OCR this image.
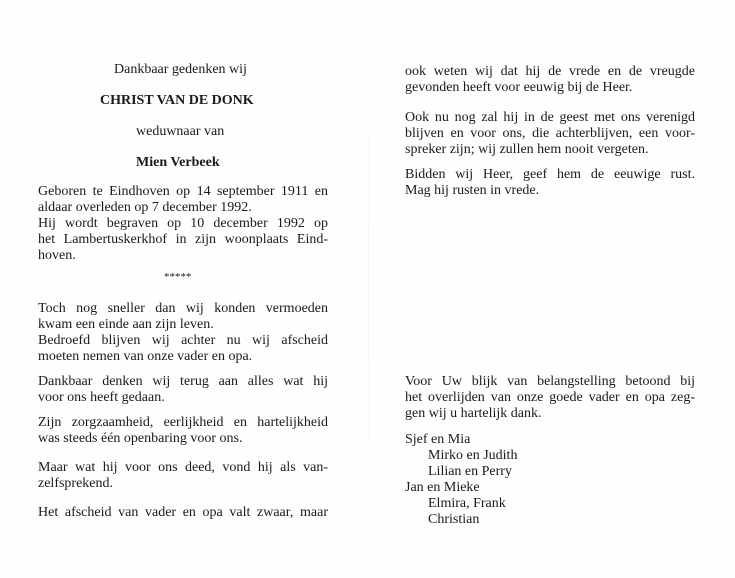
Dankbaar gedenken wij
CHRIST VAN DE DONK
weduwnaar van
Mien Verbeek
Geboren te Eindhoven op 14 september 1911 en
aldaar overleden op 7 december 1992.
Hij wordt begraven op 10 december 1992 op
het Lambertuskerkhof in zijn woonplaats Eind-
hoven.
*****
Toch nog sneller dan wij konden vermoeden
kwam een einde aan zijn leven.
Bedroefd blijven wij achter nu wij afscheid
moeten nemen van onze vader en opa.
Dankbaar denken wij terug aan alles wat hij
voor ons heeft gedaan.
Zijn zorgzaamheid, eerlijkheid en hartelijkheid
was steeds één openbaring voor ons.
Maar wat hij voor ons deed, vond hij als van-
zelfsprekend.
Het afscheid van vader en opa valt zwaar, maar
ook weten wij dat hij de vrede en de vreugde
gevonden heeft voor eeuwig bij de Heer.
Ook nu nog zal hij in de geest met ons verenigd
blijven en voor ons, die achterblijven, een voor-
spreker zijn; wij zullen hem nooit vergeten.
Bidden wij Heer, geef hem de eeuwige rust.
Mag hij rusten in vrede.
Voor Uw blijk van belangstelling betoond bij
het overlijden van onze goede vader en opa zeg-
gen wij u hartelijk dank.
Sjef en Mia
Mirko en Judith
Lilian en Perry
Jan en Mieke
Elmira, Frank
Christian
